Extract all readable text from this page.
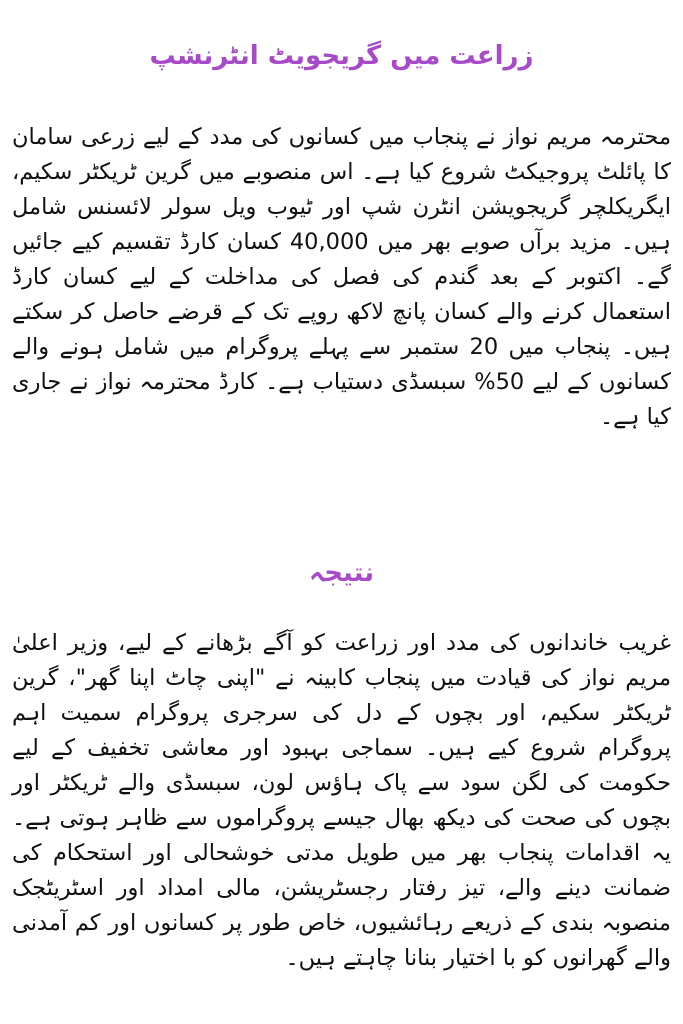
زراعت میں گریجویٹ انٹرنشپ

محترمہ مریم نواز نے پنجاب میں کسانوں کی مدد کے لیے زرعی سامان کا پائلٹ پروجیکٹ شروع کیا ہے۔ اس منصوبے میں گرین ٹریکٹر سکیم، ایگریکلچر گریجویشن انٹرن شپ اور ٹیوب ویل سولر لائسنس شامل ہیں۔ مزید برآں صوبے بھر میں 40,000 کسان کارڈ تقسیم کیے جائیں گے۔ اکتوبر کے بعد گندم کی فصل کی مداخلت کے لیے کسان کارڈ استعمال کرنے والے کسان پانچ لاکھ روپے تک کے قرضے حاصل کر سکتے ہیں۔ پنجاب میں 20 ستمبر سے پہلے پروگرام میں شامل ہونے والے کسانوں کے لیے 50% سبسڈی دستیاب ہے۔ کارڈ محترمہ نواز نے جاری کیا ہے۔

نتیجہ

غریب خاندانوں کی مدد اور زراعت کو آگے بڑھانے کے لیے، وزیر اعلیٰ مریم نواز کی قیادت میں پنجاب کابینہ نے "اپنی چاٹ اپنا گھر"، گرین ٹریکٹر سکیم، اور بچوں کے دل کی سرجری پروگرام سمیت اہم پروگرام شروع کیے ہیں۔ سماجی بہبود اور معاشی تخفیف کے لیے حکومت کی لگن سود سے پاک ہاؤس لون، سبسڈی والے ٹریکٹر اور بچوں کی صحت کی دیکھ بھال جیسے پروگراموں سے ظاہر ہوتی ہے۔ یہ اقدامات پنجاب بھر میں طویل مدتی خوشحالی اور استحکام کی ضمانت دینے والے، تیز رفتار رجسٹریشن، مالی امداد اور اسٹریٹجک منصوبہ بندی کے ذریعے رہائشیوں، خاص طور پر کسانوں اور کم آمدنی والے گھرانوں کو با اختیار بنانا چاہتے ہیں۔
